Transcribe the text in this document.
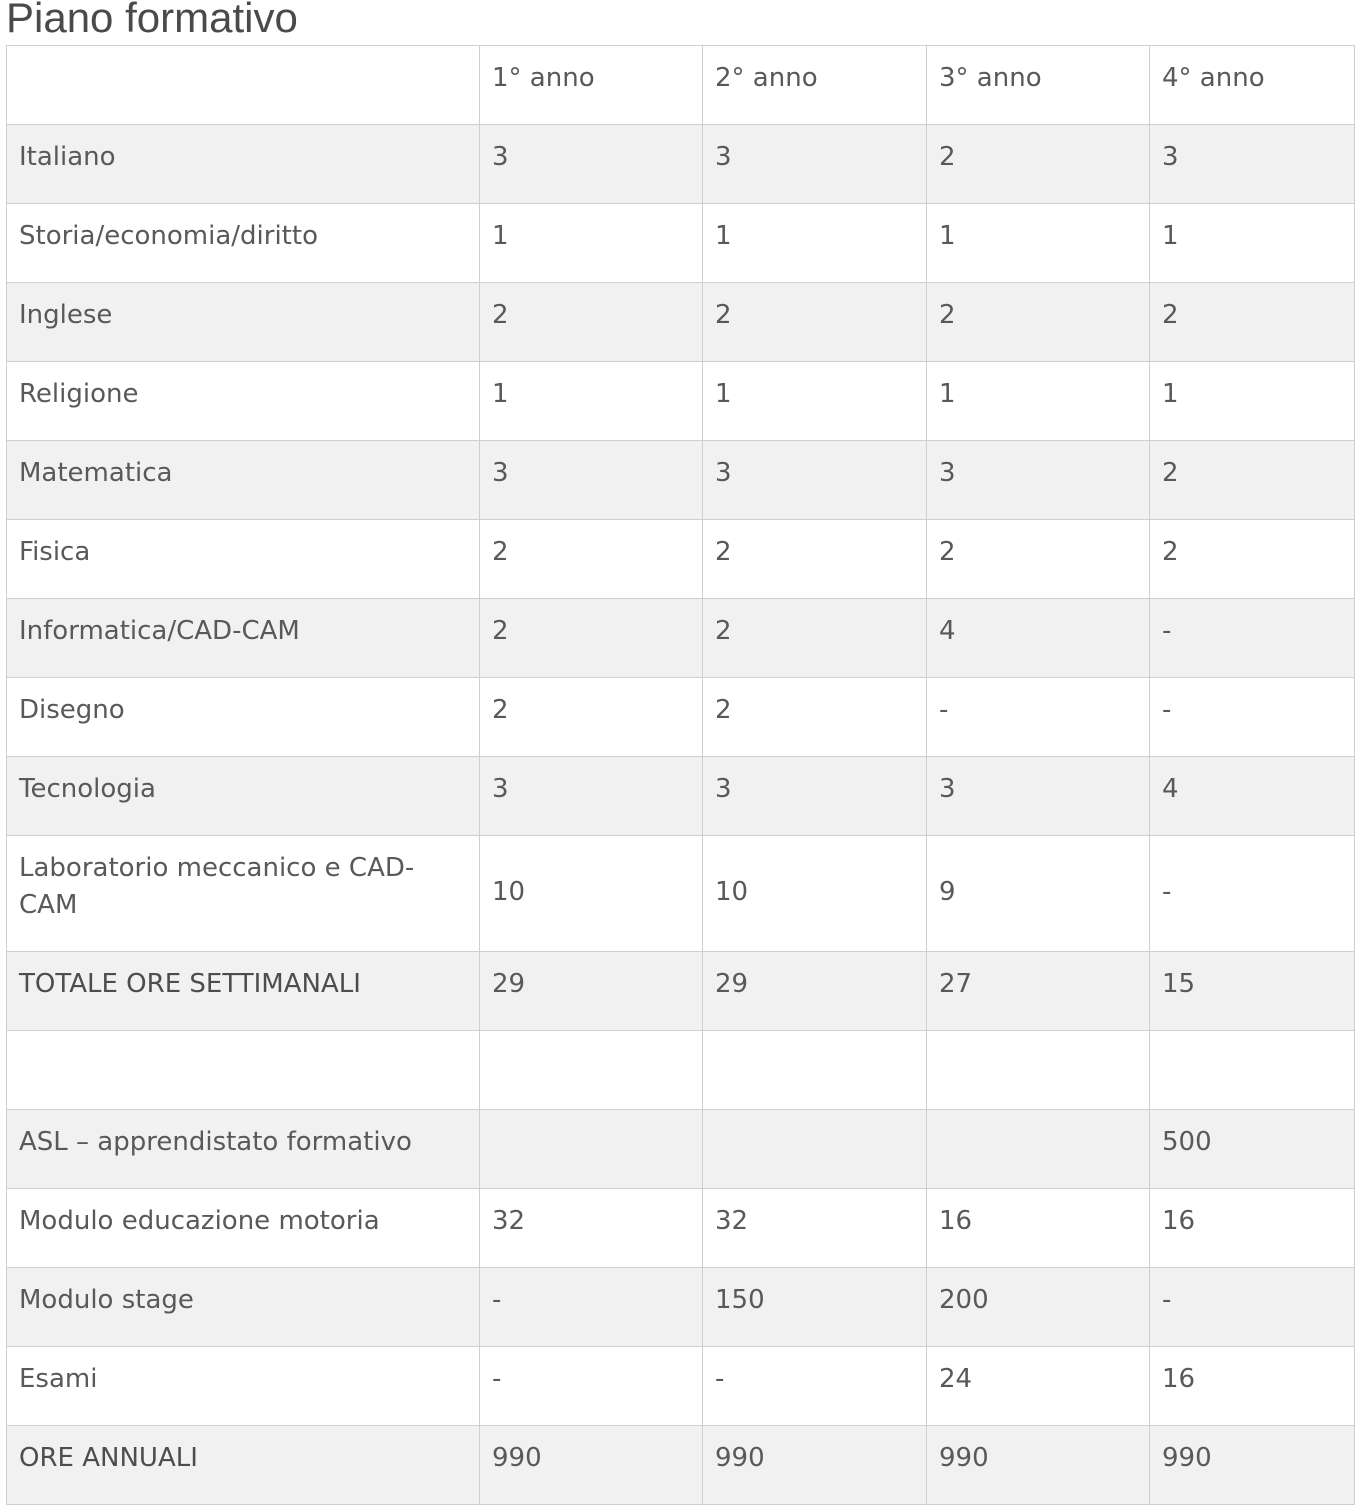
Piano formativo
	1° anno	2° anno	3° anno	4° anno
Italiano	3	3	2	3
Storia/economia/diritto	1	1	1	1
Inglese	2	2	2	2
Religione	1	1	1	1
Matematica	3	3	3	2
Fisica	2	2	2	2
Informatica/CAD-CAM	2	2	4	-
Disegno	2	2	-	-
Tecnologia	3	3	3	4
Laboratorio meccanico e CAD-CAM	10	10	9	-
TOTALE ORE SETTIMANALI	29	29	27	15

ASL – apprendistato formativo				500
Modulo educazione motoria	32	32	16	16
Modulo stage	-	150	200	-
Esami	-	-	24	16
ORE ANNUALI	990	990	990	990
